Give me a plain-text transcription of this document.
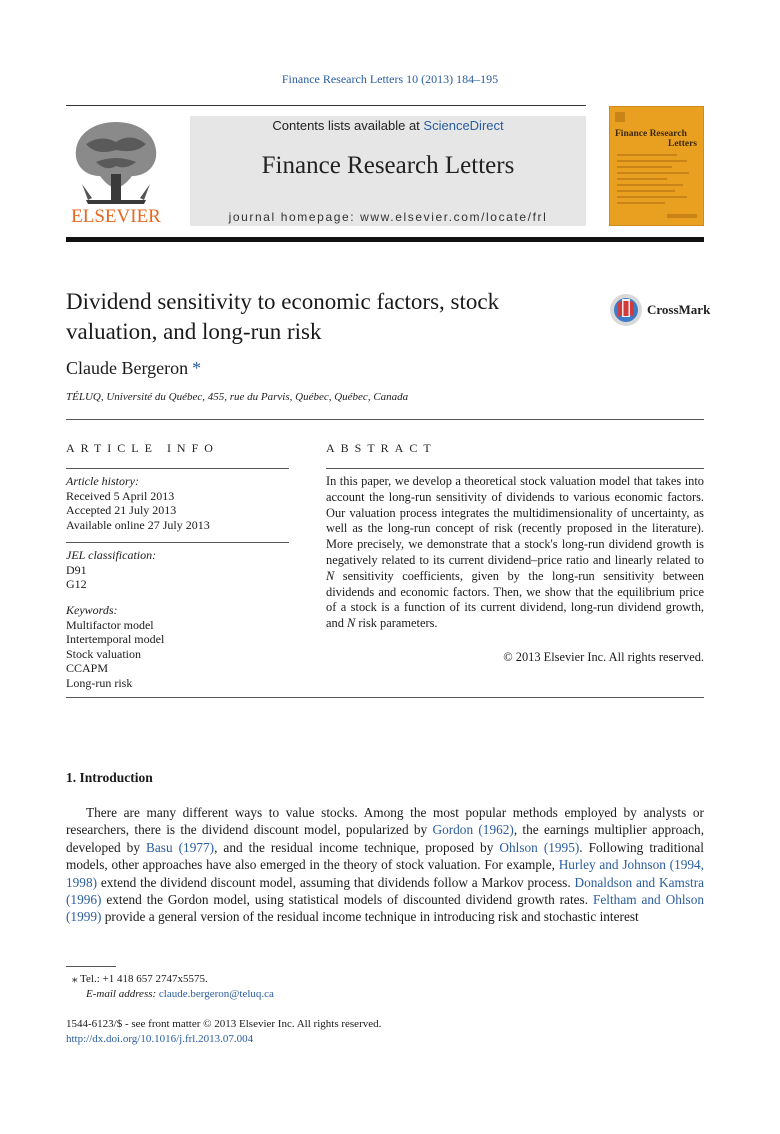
Finance Research Letters 10 (2013) 184–195
ELSEVIER
Contents lists available at ScienceDirect
Finance Research Letters
journal homepage: www.elsevier.com/locate/frl
Finance Research
Letters
Dividend sensitivity to economic factors, stock valuation, and long-run risk
CrossMark
Claude Bergeron *
TÉLUQ, Université du Québec, 455, rue du Parvis, Québec, Québec, Canada
ARTICLE INFO
Article history:
Received 5 April 2013
Accepted 21 July 2013
Available online 27 July 2013
JEL classification:
D91
G12
Keywords:
Multifactor model
Intertemporal model
Stock valuation
CCAPM
Long-run risk
ABSTRACT
In this paper, we develop a theoretical stock valuation model that takes into account the long-run sensitivity of dividends to various economic factors. Our valuation process integrates the multidimensionality of uncertainty, as well as the long-run concept of risk (recently proposed in the literature). More precisely, we demonstrate that a stock's long-run dividend growth is negatively related to its current dividend–price ratio and linearly related to N sensitivity coefficients, given by the long-run sensitivity between dividends and economic factors. Then, we show that the equilibrium price of a stock is a function of its current dividend, long-run dividend growth, and N risk parameters.
© 2013 Elsevier Inc. All rights reserved.
1. Introduction
There are many different ways to value stocks. Among the most popular methods employed by analysts or researchers, there is the dividend discount model, popularized by Gordon (1962), the earnings multiplier approach, developed by Basu (1977), and the residual income technique, proposed by Ohlson (1995). Following traditional models, other approaches have also emerged in the theory of stock valuation. For example, Hurley and Johnson (1994, 1998) extend the dividend discount model, assuming that dividends follow a Markov process. Donaldson and Kamstra (1996) extend the Gordon model, using statistical models of discounted dividend growth rates. Feltham and Ohlson (1999) provide a general version of the residual income technique in introducing risk and stochastic interest
⁎ Tel.: +1 418 657 2747x5575.
E-mail address: claude.bergeron@teluq.ca
1544-6123/$ - see front matter © 2013 Elsevier Inc. All rights reserved.
http://dx.doi.org/10.1016/j.frl.2013.07.004
